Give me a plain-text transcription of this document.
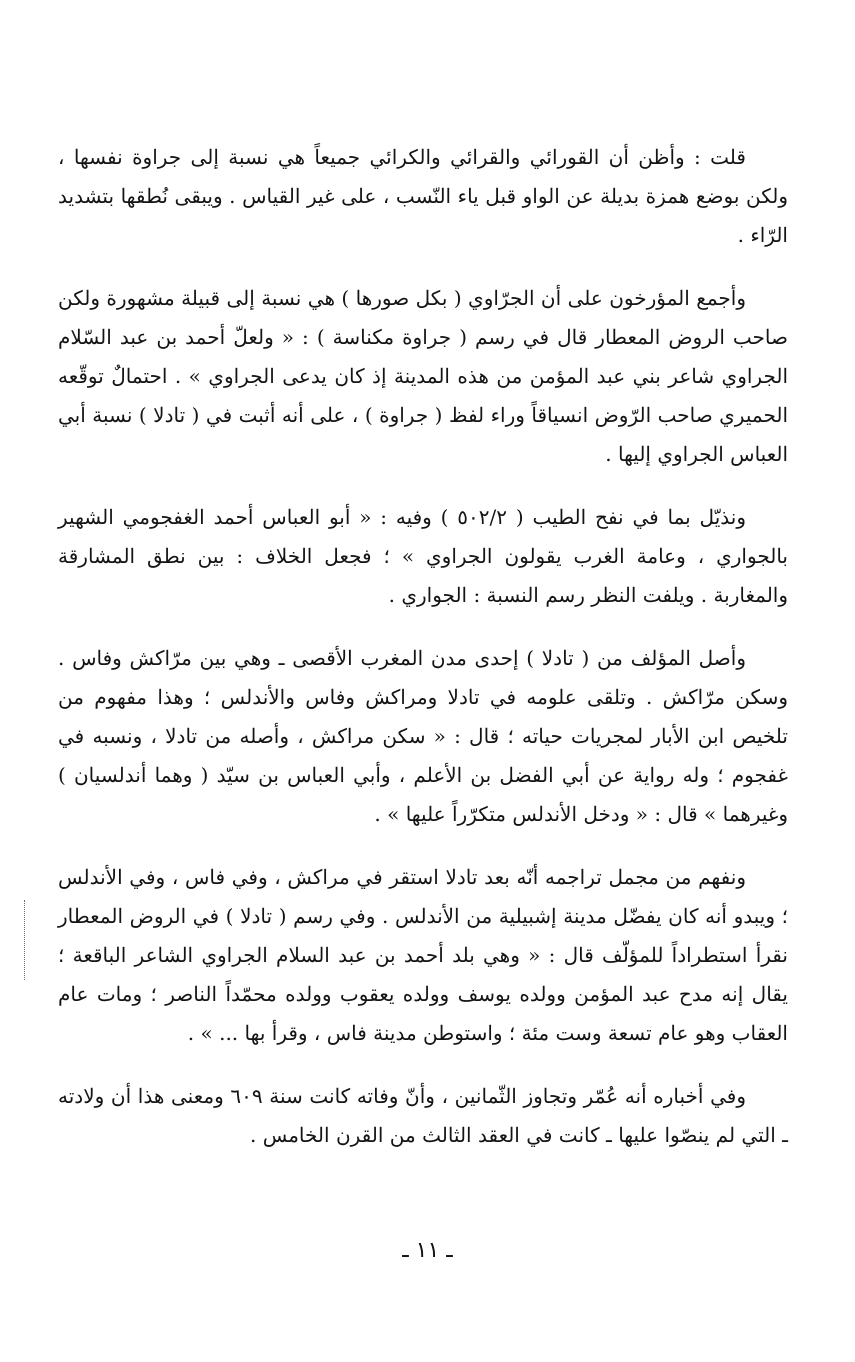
قلت : وأظن أن القورائي والقرائي والكرائي جميعاً هي نسبة إلى جراوة نفسها ، ولكن بوضع همزة بديلة عن الواو قبل ياء النّسب ، على غير القياس . ويبقى نُطقها بتشديد الرّاء .

وأجمع المؤرخون على أن الجرّاوي ( بكل صورها ) هي نسبة إلى قبيلة مشهورة ولكن صاحب الروض المعطار قال في رسم ( جراوة مكناسة ) : « ولعلّ أحمد بن عبد السّلام الجراوي شاعر بني عبد المؤمن من هذه المدينة إذ كان يدعى الجراوي » . احتمالٌ توقّعه الحميري صاحب الرّوض انسياقاً وراء لفظ ( جراوة ) ، على أنه أثبت في ( تادلا ) نسبة أبي العباس الجراوي إليها .

ونذيّل بما في نفح الطيب ( ٥٠٢/٢ ) وفيه : « أبو العباس أحمد الغفجومي الشهير بالجواري ، وعامة الغرب يقولون الجراوي » ؛ فجعل الخلاف : بين نطق المشارقة والمغاربة . ويلفت النظر رسم النسبة : الجواري .

وأصل المؤلف من ( تادلا ) إحدى مدن المغرب الأقصى ـ وهي بين مرّاكش وفاس . وسكن مرّاكش . وتلقى علومه في تادلا ومراكش وفاس والأندلس ؛ وهذا مفهوم من تلخيص ابن الأبار لمجريات حياته ؛ قال : « سكن مراكش ، وأصله من تادلا ، ونسبه في غفجوم ؛ وله رواية عن أبي الفضل بن الأعلم ، وأبي العباس بن سيّد ( وهما أندلسيان ) وغيرهما » قال : « ودخل الأندلس متكرّراً عليها » .

ونفهم من مجمل تراجمه أنّه بعد تادلا استقر في مراكش ، وفي فاس ، وفي الأندلس ؛ ويبدو أنه كان يفضّل مدينة إشبيلية من الأندلس . وفي رسم ( تادلا ) في الروض المعطار نقرأ استطراداً للمؤلّف قال : « وهي بلد أحمد بن عبد السلام الجراوي الشاعر الباقعة ؛ يقال إنه مدح عبد المؤمن وولده يوسف وولده يعقوب وولده محمّداً الناصر ؛ ومات عام العقاب وهو عام تسعة وست مئة ؛ واستوطن مدينة فاس ، وقرأ بها ... » .

وفي أخباره أنه عُمّر وتجاوز الثّمانين ، وأنّ وفاته كانت سنة ٦٠٩ ومعنى هذا أن ولادته ـ التي لم ينصّوا عليها ـ كانت في العقد الثالث من القرن الخامس .

ـ ١١ ـ
